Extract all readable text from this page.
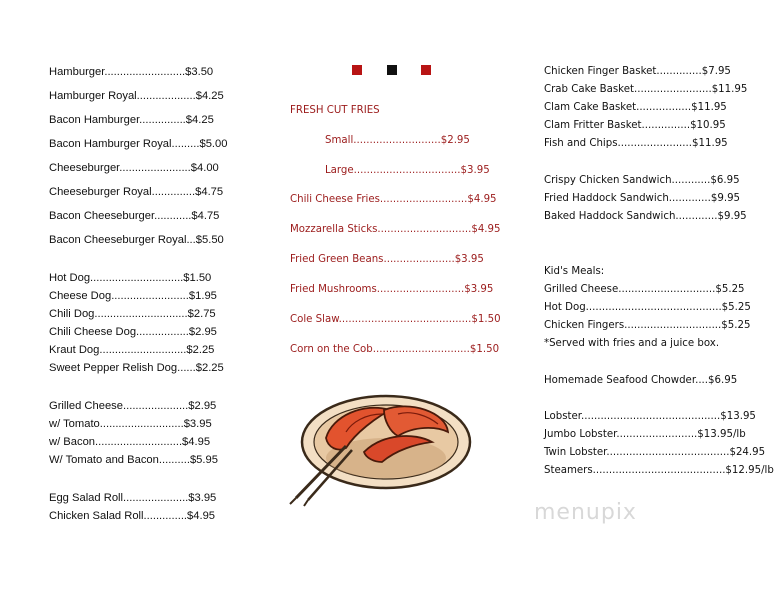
Hamburger..........................$3.50
Hamburger Royal...................$4.25
Bacon Hamburger...............$4.25
Bacon Hamburger Royal.........$5.00
Cheeseburger.......................$4.00
Cheeseburger Royal..............$4.75
Bacon Cheeseburger............$4.75
Bacon Cheeseburger Royal...$5.50
Hot Dog..............................$1.50
Cheese Dog.........................$1.95
Chili Dog..............................$2.75
Chili Cheese Dog.................$2.95
Kraut Dog............................$2.25
Sweet Pepper Relish Dog......$2.25
Grilled Cheese.....................$2.95
w/ Tomato...........................$3.95
w/ Bacon............................$4.95
W/ Tomato and Bacon..........$5.95
Egg Salad Roll.....................$3.95
Chicken Salad Roll..............$4.95
FRESH CUT FRIES
Small...........................$2.95
Large.................................$3.95
Chili Cheese Fries...........................$4.95
Mozzarella Sticks.............................$4.95
Fried Green Beans......................$3.95
Fried Mushrooms...........................$3.95
Cole Slaw.........................................$1.50
Corn on the Cob..............................$1.50
Chicken Finger Basket..............$7.95
Crab Cake Basket........................$11.95
Clam Cake Basket.................$11.95
Clam Fritter Basket...............$10.95
Fish and Chips.......................$11.95
Crispy Chicken Sandwich............$6.95
Fried Haddock Sandwich.............$9.95
Baked Haddock Sandwich.............$9.95
Kid's Meals:
Grilled Cheese..............................$5.25
Hot Dog..........................................$5.25
Chicken Fingers..............................$5.25
*Served with fries and a juice box.
Homemade Seafood Chowder....$6.95
Lobster...........................................$13.95
Jumbo Lobster.........................$13.95/lb
Twin Lobster......................................$24.95
Steamers.........................................$12.95/lb
menupix
